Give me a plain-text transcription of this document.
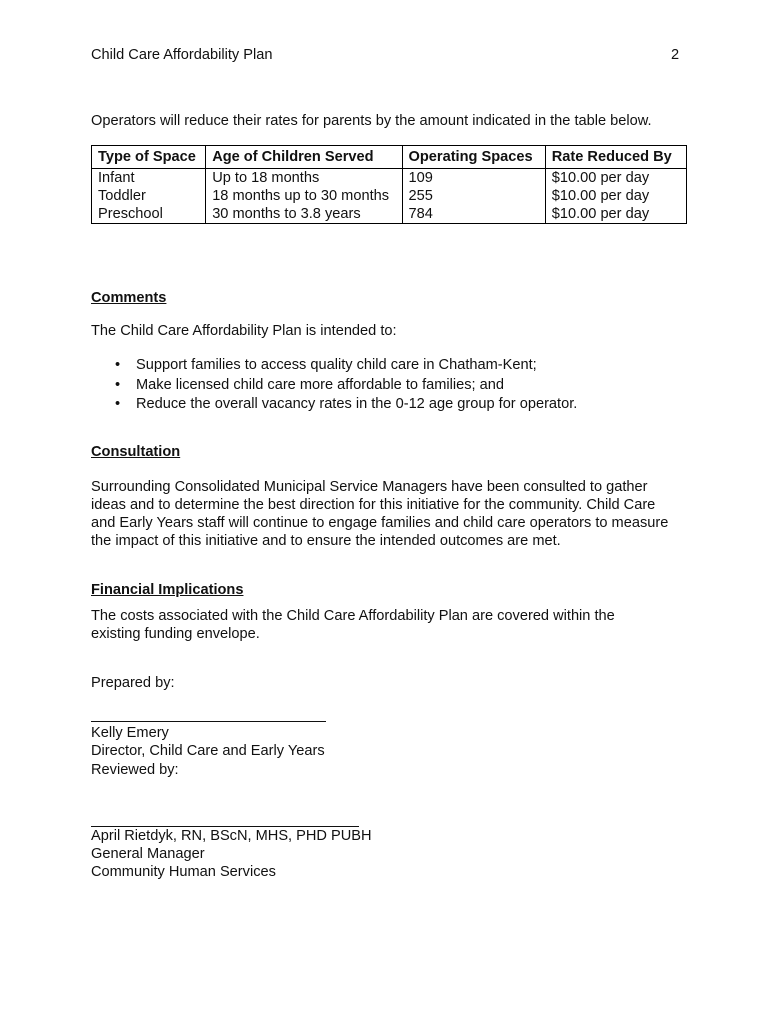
Child Care Affordability Plan	2
Operators will reduce their rates for parents by the amount indicated in the table below.
Type of Space	Age of Children Served	Operating Spaces	Rate Reduced By
Infant	Up to 18 months	109	$10.00 per day
Toddler	18 months up to 30 months	255	$10.00 per day
Preschool	30 months to 3.8 years	784	$10.00 per day
Comments
The Child Care Affordability Plan is intended to:
• Support families to access quality child care in Chatham-Kent;
• Make licensed child care more affordable to families; and
• Reduce the overall vacancy rates in the 0-12 age group for operator.
Consultation
Surrounding Consolidated Municipal Service Managers have been consulted to gather ideas and to determine the best direction for this initiative for the community. Child Care and Early Years staff will continue to engage families and child care operators to measure the impact of this initiative and to ensure the intended outcomes are met.
Financial Implications
The costs associated with the Child Care Affordability Plan are covered within the existing funding envelope.
Prepared by:
Kelly Emery
Director, Child Care and Early Years
Reviewed by:
April Rietdyk, RN, BScN, MHS, PHD PUBH
General Manager
Community Human Services
